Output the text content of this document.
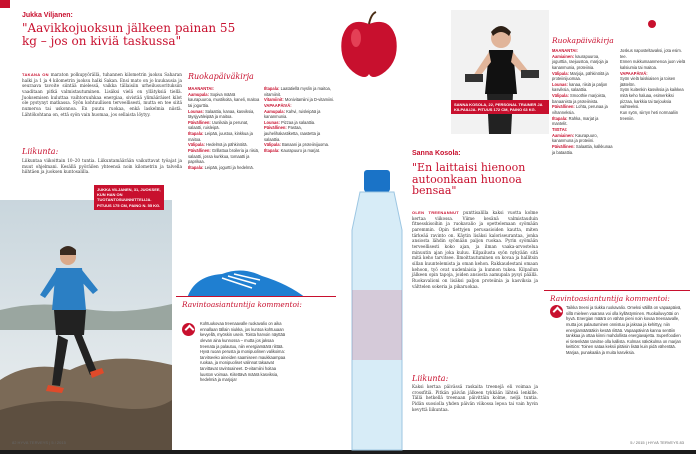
Jukka Viljanen:
"Aavikkojuoksun jälkeen painan 55 kg – jos on kiviä taskussa"
TAKANA ON maraton polkupyörällä, tuhannen kilometrin juoksu Saharan halki ja 1 ja 4 kilometrin juoksu halki Sakan. Ensi mato on jo kuukausia ja seuraava tavoite siintää mielessä, vaikka tällaisiin urheilusuorituksiin vaaditaan pitkä valmistautuminen. Lisäksi vielä on yllätyksiä tiellä. Juoksemisen kuluttaa vaihtoruuhkaa energiaa, sivistää ylimääräiset kilot ole pystynyt matkassa. Syön kohtuullisen terveellisesti, mutta en tee siitä numeroa tai uskonnoa. En puutu ruokaa, enkä laskelmia niistä. Lähtökohtana on, että syön vain huomaa, jos sellaista löytyy.
Liikunta:
Liikuntaa viikoittain 10–20 tuntia. Liikuntamäärään vaikuttavat työajat ja muut ohjelmani. Kesällä pyöräilen yhteensä noin kilometrin ja talvella hiihtäen ja juoksen kuntosalilla.
JUKKA VILJANEN, 31, JUOKSEE, KUN HAN ON TUOTANTOSUUNNITTELIJA. PITUUS 175 CM, PAINO N. 55 KG.
Ruokapäiväkirja
MAANANTAI:
Aamupala: Sopiva määrä kaurapuuroa, mustikoita, kaneli, maitoa tai jogurttia.
Lounas: Salaattia, kanaa, kasviksia, täysjyväleipää ja maitoa.
Päivällinen: Uunikala ja perunat, salaatti, ruisleipä.
Iltapala: Leipää, juustoa, kinkkua ja maitoa.
Välipala: Hedelmä ja pähkinöitä.
Päivällinen: Grillattua broileria ja riisiä, salaatti, jossa kurkkua, tomaatti ja paprikaa.
Iltapala: Leipää, jogurtti ja hedelmä.
Iltapala: Laatatiellä myslin ja maitoa, vitamiinit.
Vitamiinit: Monivitamiini ja D-vitamiini.
VAPAAPÄIVÄ:
Aamupala: Kahvi, ruisleipää ja kananmunia.
Lounas: Pizzaa ja salaattia.
Päivällinen: Pastaa, jauhelihakastiketta, raastetta ja salaattia.
Välipala: Banaani ja proteiinijuoma.
Iltapala: Kaurapuuro ja marjat.
Ravintoasiantuntija kommentoi:
Kohtuukovaa treenaavalle ruokavalio on aika ennallaan tällain niukka, jos kuntoa kohtuuaan kevyellä, myöskin usein. Toista harvoin näyttää olevan aina kunnossa – mutta jos jaksaa treenata ja palautuu, niin energiamäärä riittää. Hyvä ruoan perusta ja monipuolinen valikoima: tarvitseeko aineiden saamiseen maukkaampaa ruokaa, ja monipuoliset valinnat takaavat tarvittavat ravintoaineet. D-vitamiini hoitaa luuston voimaa. Kiitettävä määrä kasviksia, hedelmiä ja marjoja!
82 HYVÄ TERVEYS | 5 / 2015
SANNA KOSOLA, 22, PERSONAL TRAINER JA KILPAILIJA. PITUUS 172 CM, PAINO 63 KG.
Sanna Kosola:
"En laittaisi hienoon autoonkaan huonoa bensaa"
OLEN TREENANNUT punttisalilla kaksi vuotta kolme kertaa viikossa. Viime kesänä valmistauduin fitnesskisoihin ja ruokavalio ja opettelemaan syömään paremmin. Opin tiettyjen perusasioiden kautta, miten tärkeää ravinto on. Käytin lisäksi kaloriseurantaa, jonka ansiosta lähdin syömään paljon ruokaa. Pyrin syömään terveellisesti koko ajan, ja ilman vaaka-arvostelua minuutin ajan joka kuluu. Kilpailusta syön nykyään sitä mitä keho tarvitsee. Ilmoittautuminen on kovaa ja hallitsin sillan kuuntelemista ja oman kehon. Rakkaudestani omaan kehoon, työ ovat uudenlaisia ja kunnon tukea. Kilpailun jälkeen opin tapoja, joiden ansiosta aamupala pysyi päällä. Ruokavalioni on lisäksi paljon proteiinia ja kasviksia ja välttelen sokeria ja pikaruokaa.
Liikunta:
Kaksi kertaa päivässä raskaita treenejä eli voimaa ja crossfitiä. Pitkän päivän jälkeen tykkään lähteä lenkille. Tällä hetkellä treenaan päivittäin kolme, neljä tuntia. Pidän suosiolla yhden päivän viikossa lepoa tai vain hyvin kevyttä liikuntaa.
Ruokapäiväkirja
MAANANTAI:
Aamiainen: kaurapuuroa, jogurttia, raejuustoa, marjoja ja kananmunia, proteiinia.
Välipala: Marjoja, pähkinöitä ja proteiinijuomaa.
Lounas: kanaa, riisiä ja paljon kasviksia, salaattia.
Välipala: Smoothie marjoista, banaanista ja proteiinista.
Päivällinen: Lohta, perunaa ja vihanneksia.
Iltapala: Rahka, marjat ja mantelit.
TIISTAI:
Aamiainen: Kaurapuuro, kananmuna ja proteiini.
Päivällinen: Salaattia, kalkkunaa ja bataattia.
Joskus naposteltavaksi, jota esim. tee.
Ennen nukkumaanmenoa juon vielä kalsiumia tai maitoa.
VAPAAPÄIVÄ:
Syön vielä laiskiaisen ja toisen jäätelön.
Syön kuitenkin kasviksia ja kaikkea mitä keho haluaa, esimerkiksi pizzaa, karkkia tai tarjouksia vaihteeksi.
Kun syön, siirryn heti normaaliin treeniin.
Ravintoasiantuntija kommentoi:
Taikka treeni ja tiukka ruokavalio. Omeksi välillä on vapaapäivä, sillä mieleen vaarana voi olla kyllästyminen. Ruokailuvyötäi on hyvä. Energian määrä on vähän pieni noin kovaa treenaavalle, mutta jos palautuminen onnistuu ja jaksaa ja kehittyy, niin energiamäärääkin kesää riittää. Vapaapäivinä kanna senttiin tankkaa ja ottaa kiinni mahdollista energiavajetta. Superfoodien ei tietenkään tarvitse olla kallista. Kolmas näkökulma on marjan keittiön: Toinen sataa keksii pitäisin lisää kuin pidä vähentää. Marjaa, punakaalia ja muita kasviksia.
5 / 2015 | HYVÄ TERVEYS 83
